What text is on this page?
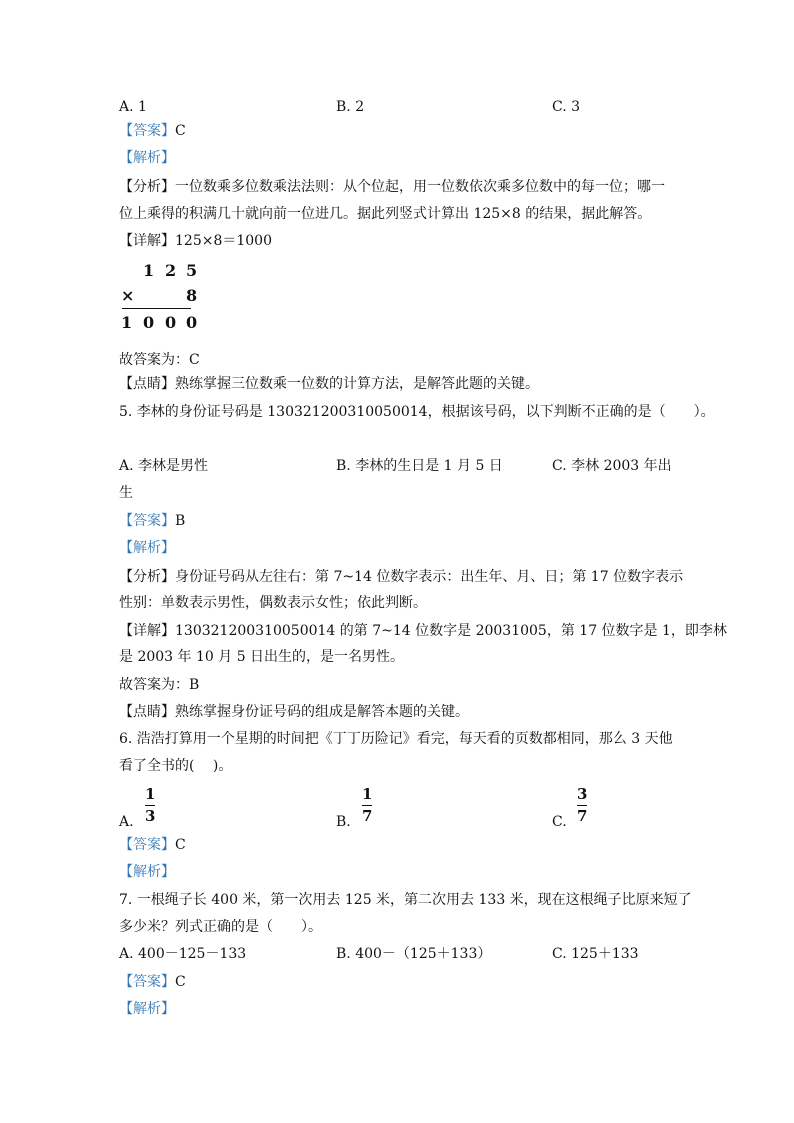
A. 1	B. 2	C. 3
【答案】C
【解析】
【分析】一位数乘多位数乘法法则：从个位起，用一位数依次乘多位数中的每一位；哪一
位上乘得的积满几十就向前一位进几。据此列竖式计算出 125×8 的结果，据此解答。
【详解】125×8＝1000
1 2 5
×	8
1 0 0 0
故答案为：C
【点睛】熟练掌握三位数乘一位数的计算方法，是解答此题的关键。
5. 李林的身份证号码是 130321200310050014，根据该号码，以下判断不正确的是（　　）。
A. 李林是男性	B. 李林的生日是 1 月 5 日	C. 李林 2003 年出
生
【答案】B
【解析】
【分析】身份证号码从左往右：第 7~14 位数字表示：出生年、月、日；第 17 位数字表示
性别：单数表示男性，偶数表示女性；依此判断。
【详解】130321200310050014 的第 7~14 位数字是 20031005，第 17 位数字是 1，即李林
是 2003 年 10 月 5 日出生的，是一名男性。
故答案为：B
【点睛】熟练掌握身份证号码的组成是解答本题的关键。
6. 浩浩打算用一个星期的时间把《丁丁历险记》看完，每天看的页数都相同，那么 3 天他
看了全书的(　 )。
A.
1
3	B.
1
7	C.
3
7
【答案】C
【解析】
7. 一根绳子长 400 米，第一次用去 125 米，第二次用去 133 米，现在这根绳子比原来短了
多少米？列式正确的是（　　）。
A. 400－125－133	B. 400－（125＋133）	C. 125＋133
【答案】C
【解析】
